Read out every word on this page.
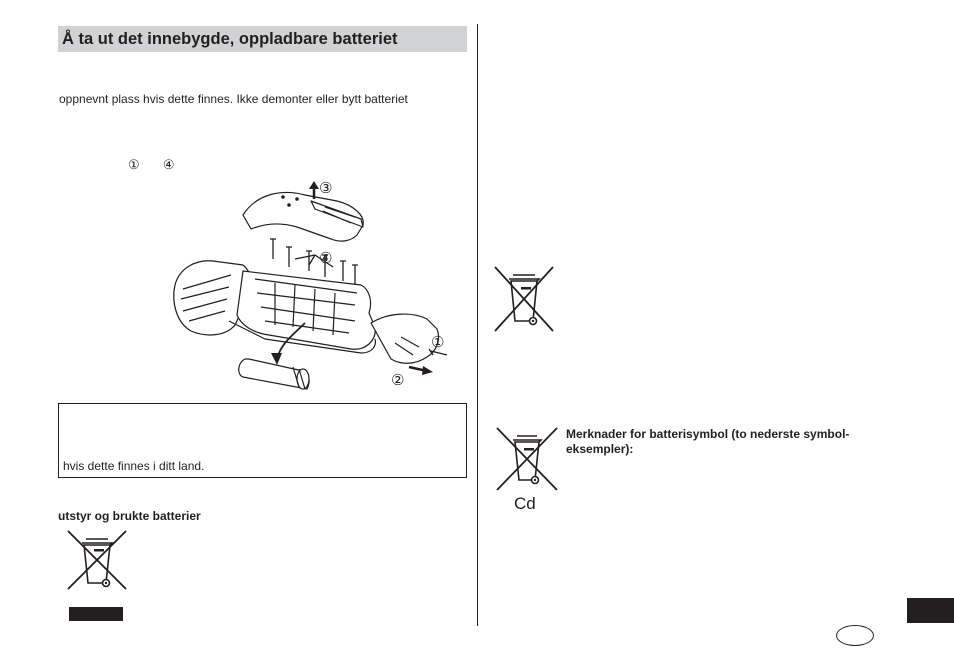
Å ta ut det innebygde, oppladbare batteriet
oppnevnt plass hvis dette finnes. Ikke demonter eller bytt batteriet
① ④
③
④
①
②
hvis dette finnes i ditt land.
utstyr og brukte batterier
Cd
Merknader for batterisymbol (to nederste symbol-eksempler):
